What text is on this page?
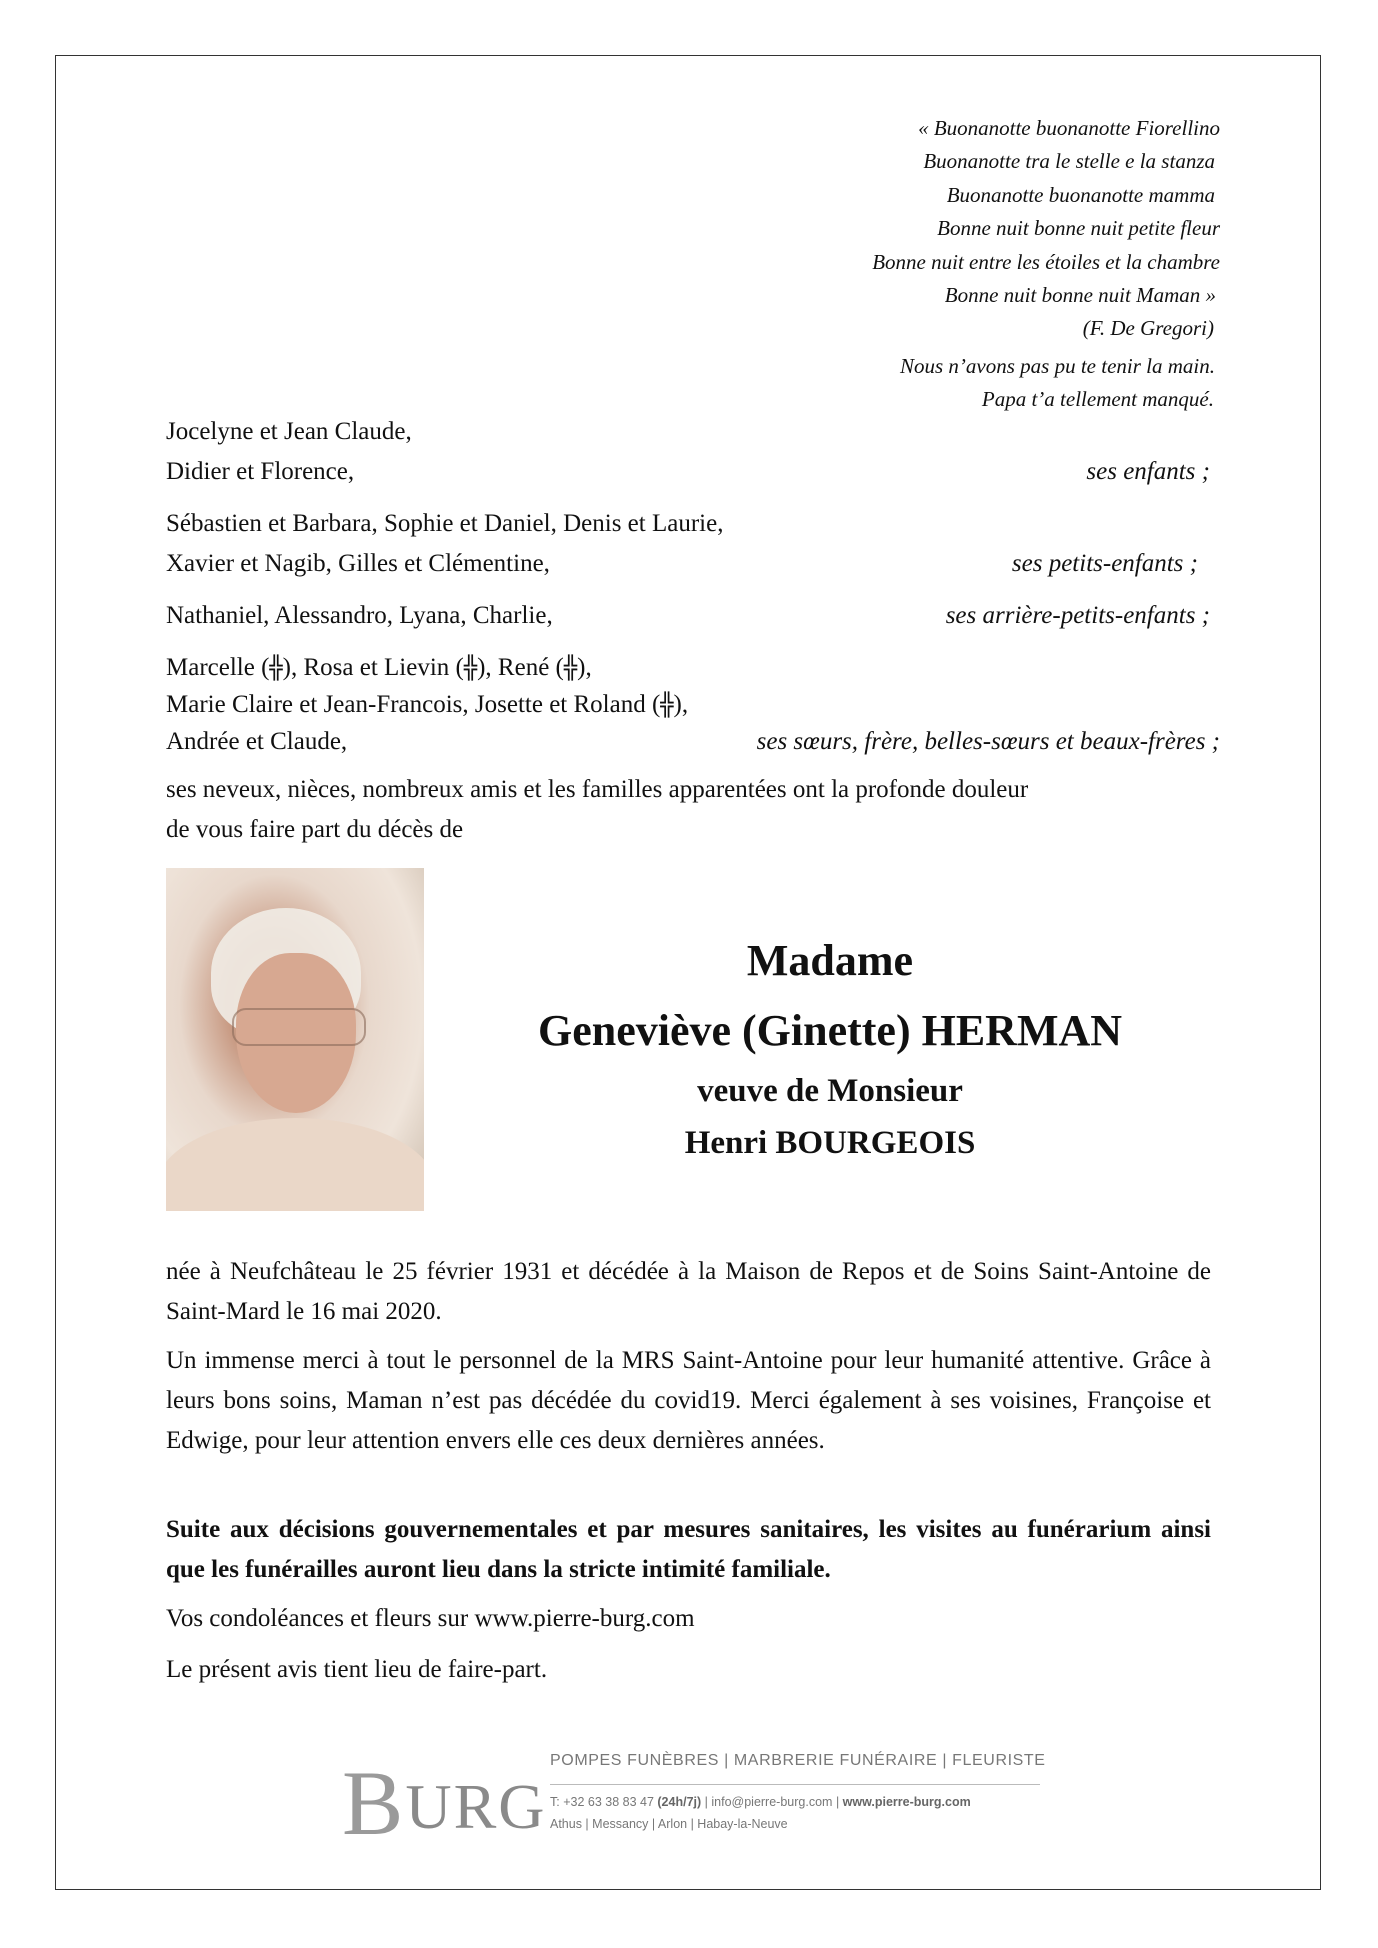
« Buonanotte buonanotte Fiorellino
Buonanotte tra le stelle e la stanza
Buonanotte buonanotte mamma
Bonne nuit bonne nuit petite fleur
Bonne nuit entre les étoiles et la chambre
Bonne nuit bonne nuit Maman »
(F. De Gregori)
Nous n’avons pas pu te tenir la main.
Papa t’a tellement manqué.
Jocelyne et Jean Claude,
Didier et Florence,	ses enfants ;
Sébastien et Barbara, Sophie et Daniel, Denis et Laurie,
Xavier et Nagib, Gilles et Clémentine,	ses petits-enfants ;
Nathaniel, Alessandro, Lyana, Charlie,	ses arrière-petits-enfants ;
Marcelle (╬), Rosa et Lievin (╬), René (╬),
Marie Claire et Jean-Francois, Josette et Roland (╬),
Andrée et Claude,	ses sœurs, frère, belles-sœurs et beaux-frères ;
ses neveux, nièces, nombreux amis et les familles apparentées ont la profonde douleur
de vous faire part du décès de
Madame
Geneviève (Ginette) HERMAN
veuve de Monsieur
Henri BOURGEOIS
née à Neufchâteau le 25 février 1931 et décédée à la Maison de Repos et de Soins Saint-Antoine de Saint-Mard le 16 mai 2020.
Un immense merci à tout le personnel de la MRS Saint-Antoine pour leur humanité attentive. Grâce à leurs bons soins, Maman n’est pas décédée du covid19. Merci également à ses voisines, Françoise et Edwige, pour leur attention envers elle ces deux dernières années.
Suite aux décisions gouvernementales et par mesures sanitaires, les visites au funérarium ainsi que les funérailles auront lieu dans la stricte intimité familiale.
Vos condoléances et fleurs sur www.pierre-burg.com
Le présent avis tient lieu de faire-part.
BURG
POMPES FUNÈBRES | MARBRERIE FUNÉRAIRE | FLEURISTE
T: +32 63 38 83 47 (24h/7j) | info@pierre-burg.com | www.pierre-burg.com
Athus | Messancy | Arlon | Habay-la-Neuve
